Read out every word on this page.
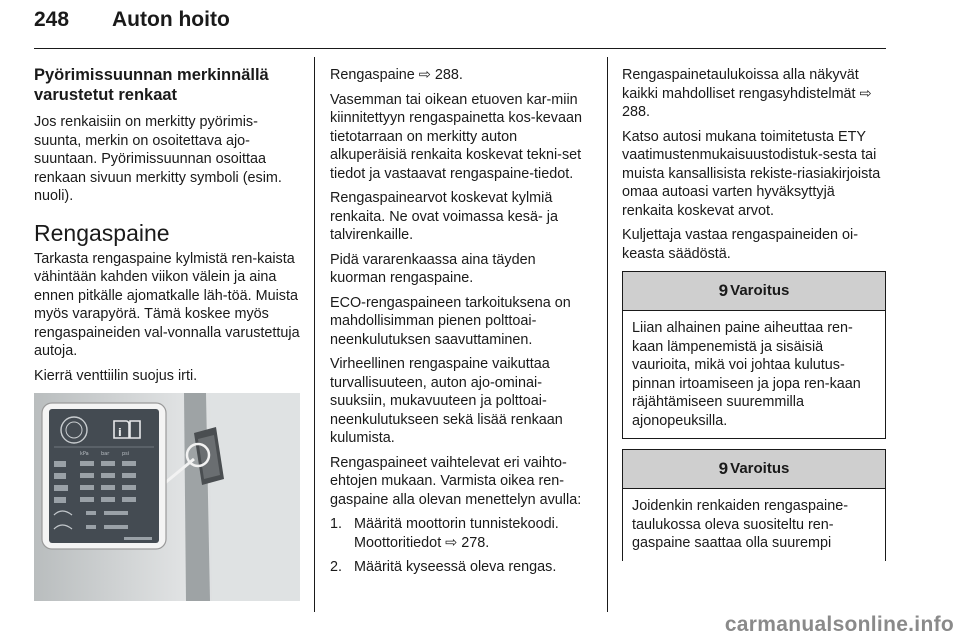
248 Auton hoito
Pyörimissuunnan merkinnällä varustetut renkaat

Jos renkaisiin on merkitty pyörimis-suunta, merkin on osoitettava ajo-suuntaan. Pyörimissuunnan osoittaa renkaan sivuun merkitty symboli (esim. nuoli).

Rengaspaine

Tarkasta rengaspaine kylmistä ren-kaista vähintään kahden viikon välein ja aina ennen pitkälle ajomatkalle läh-töä. Muista myös varapyörä. Tämä koskee myös rengaspaineiden val-vonnalla varustettuja autoja.

Kierrä venttiilin suojus irti.

i
kPa bar	psi

Rengaspaine ⇨ 288.

Vasemman tai oikean etuoven kar-miin kiinnitettyyn rengaspainetta kos-kevaan tietotarraan on merkitty auton alkuperäisiä renkaita koskevat tekni-set tiedot ja vastaavat rengaspaine-tiedot.

Rengaspainearvot koskevat kylmiä renkaita. Ne ovat voimassa kesä- ja talvirenkaille.

Pidä vararenkaassa aina täyden kuorman rengaspaine.

ECO-rengaspaineen tarkoituksena on mahdollisimman pienen polttoai-neenkulutuksen saavuttaminen.

Virheellinen rengaspaine vaikuttaa turvallisuuteen, auton ajo-ominai-suuksiin, mukavuuteen ja polttoai-neenkulutukseen sekä lisää renkaan kulumista.

Rengaspaineet vaihtelevat eri vaihto-ehtojen mukaan. Varmista oikea ren-gaspaine alla olevan menettelyn avulla:

1. Määritä moottorin tunnistekoodi. Moottoritiedot ⇨ 278.
2. Määritä kyseessä oleva rengas.

Rengaspainetaulukoissa alla näkyvät kaikki mahdolliset rengasyhdistelmät ⇨ 288.

Katso autosi mukana toimitetusta ETY vaatimustenmukaisuustodistuk-sesta tai muista kansallisista rekiste-riasiakirjoista omaa autoasi varten hyväksyttyjä renkaita koskevat arvot.

Kuljettaja vastaa rengaspaineiden oi-keasta säädöstä.

9 Varoitus
Liian alhainen paine aiheuttaa ren-kaan lämpenemistä ja sisäisiä vaurioita, mikä voi johtaa kulutus-pinnan irtoamiseen ja jopa ren-kaan räjähtämiseen suuremmilla ajonopeuksilla.
9 Varoitus
Joidenkin renkaiden rengaspaine-taulukossa oleva suositeltu ren-gaspaine saattaa olla suurempi
carmanualsonline.info
